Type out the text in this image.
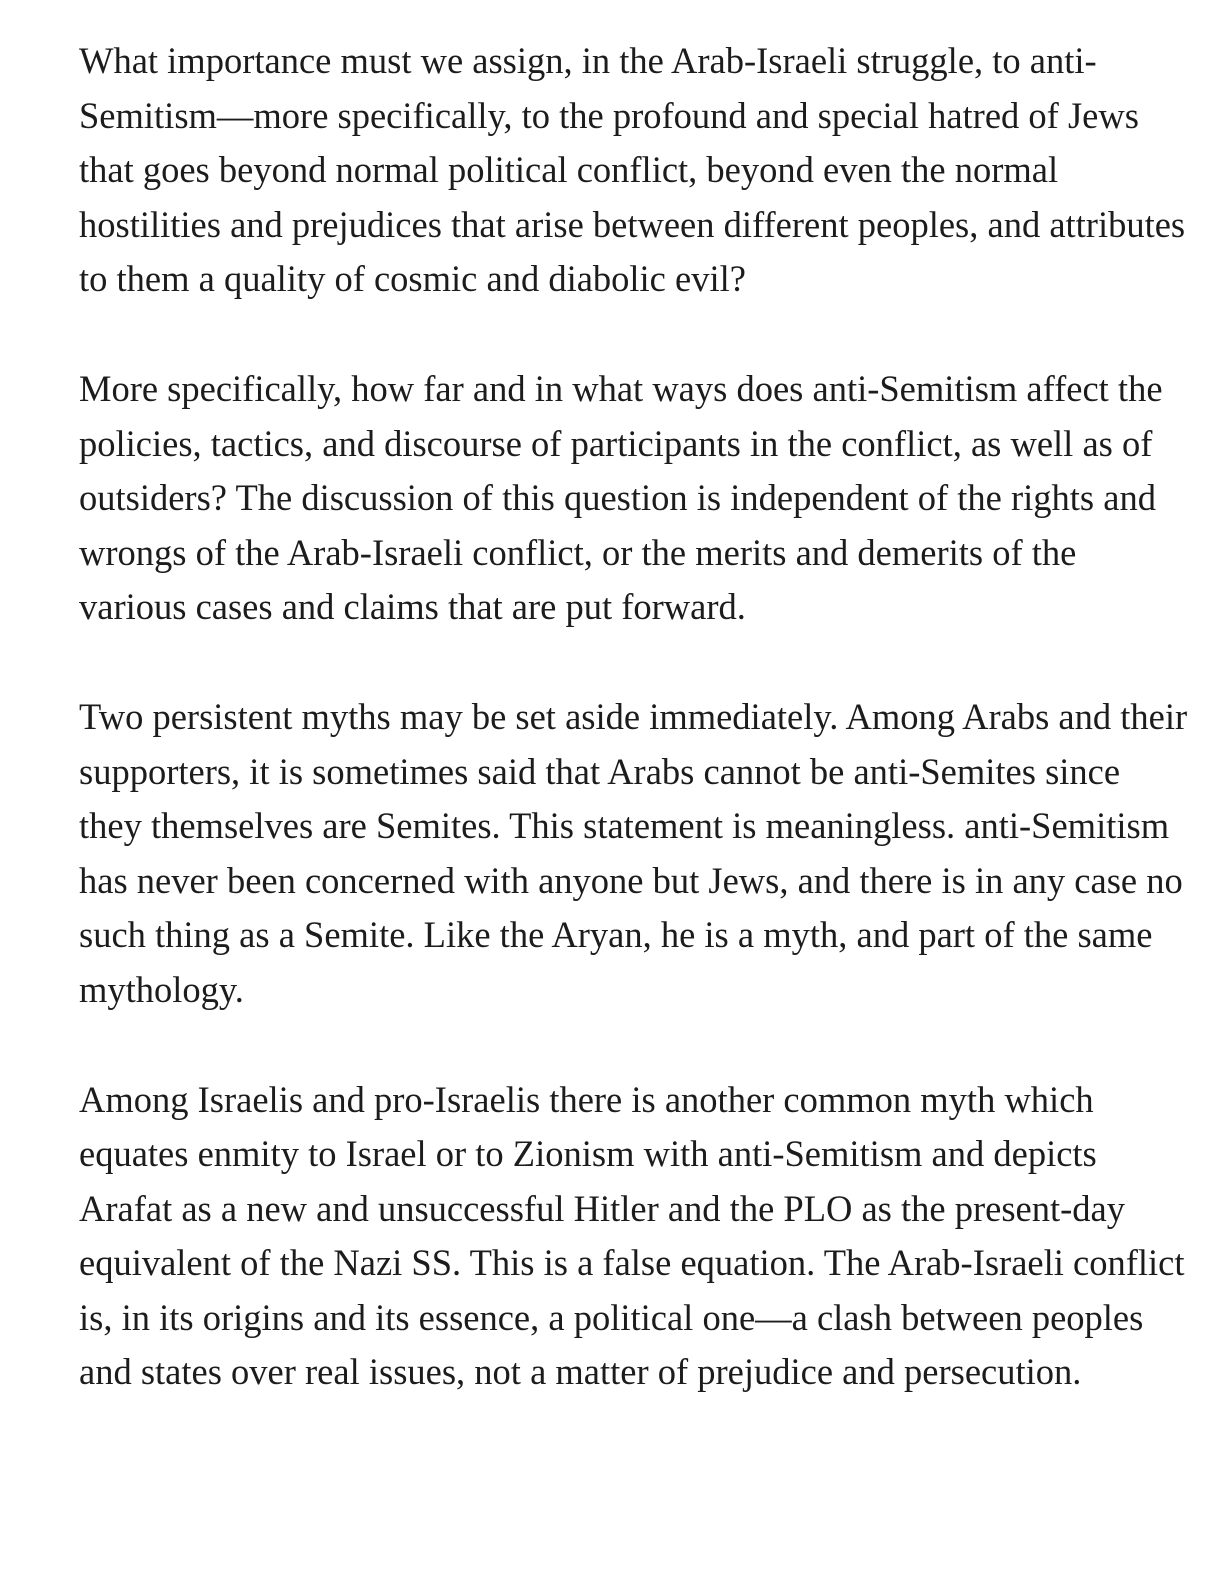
What importance must we assign, in the Arab-Israeli struggle, to anti-Semitism—more specifically, to the profound and special hatred of Jews that goes beyond normal political conflict, beyond even the normal hostilities and prejudices that arise between different peoples, and attributes to them a quality of cosmic and diabolic evil?

More specifically, how far and in what ways does anti-Semitism affect the policies, tactics, and discourse of participants in the conflict, as well as of outsiders? The discussion of this question is independent of the rights and wrongs of the Arab-Israeli conflict, or the merits and demerits of the various cases and claims that are put forward.

Two persistent myths may be set aside immediately. Among Arabs and their supporters, it is sometimes said that Arabs cannot be anti-Semites since they themselves are Semites. This statement is meaningless. anti-Semitism has never been concerned with anyone but Jews, and there is in any case no such thing as a Semite. Like the Aryan, he is a myth, and part of the same mythology.

Among Israelis and pro-Israelis there is another common myth which equates enmity to Israel or to Zionism with anti-Semitism and depicts Arafat as a new and unsuccessful Hitler and the PLO as the present-day equivalent of the Nazi SS. This is a false equation. The Arab-Israeli conflict is, in its origins and its essence, a political one—a clash between peoples and states over real issues, not a matter of prejudice and persecution.
